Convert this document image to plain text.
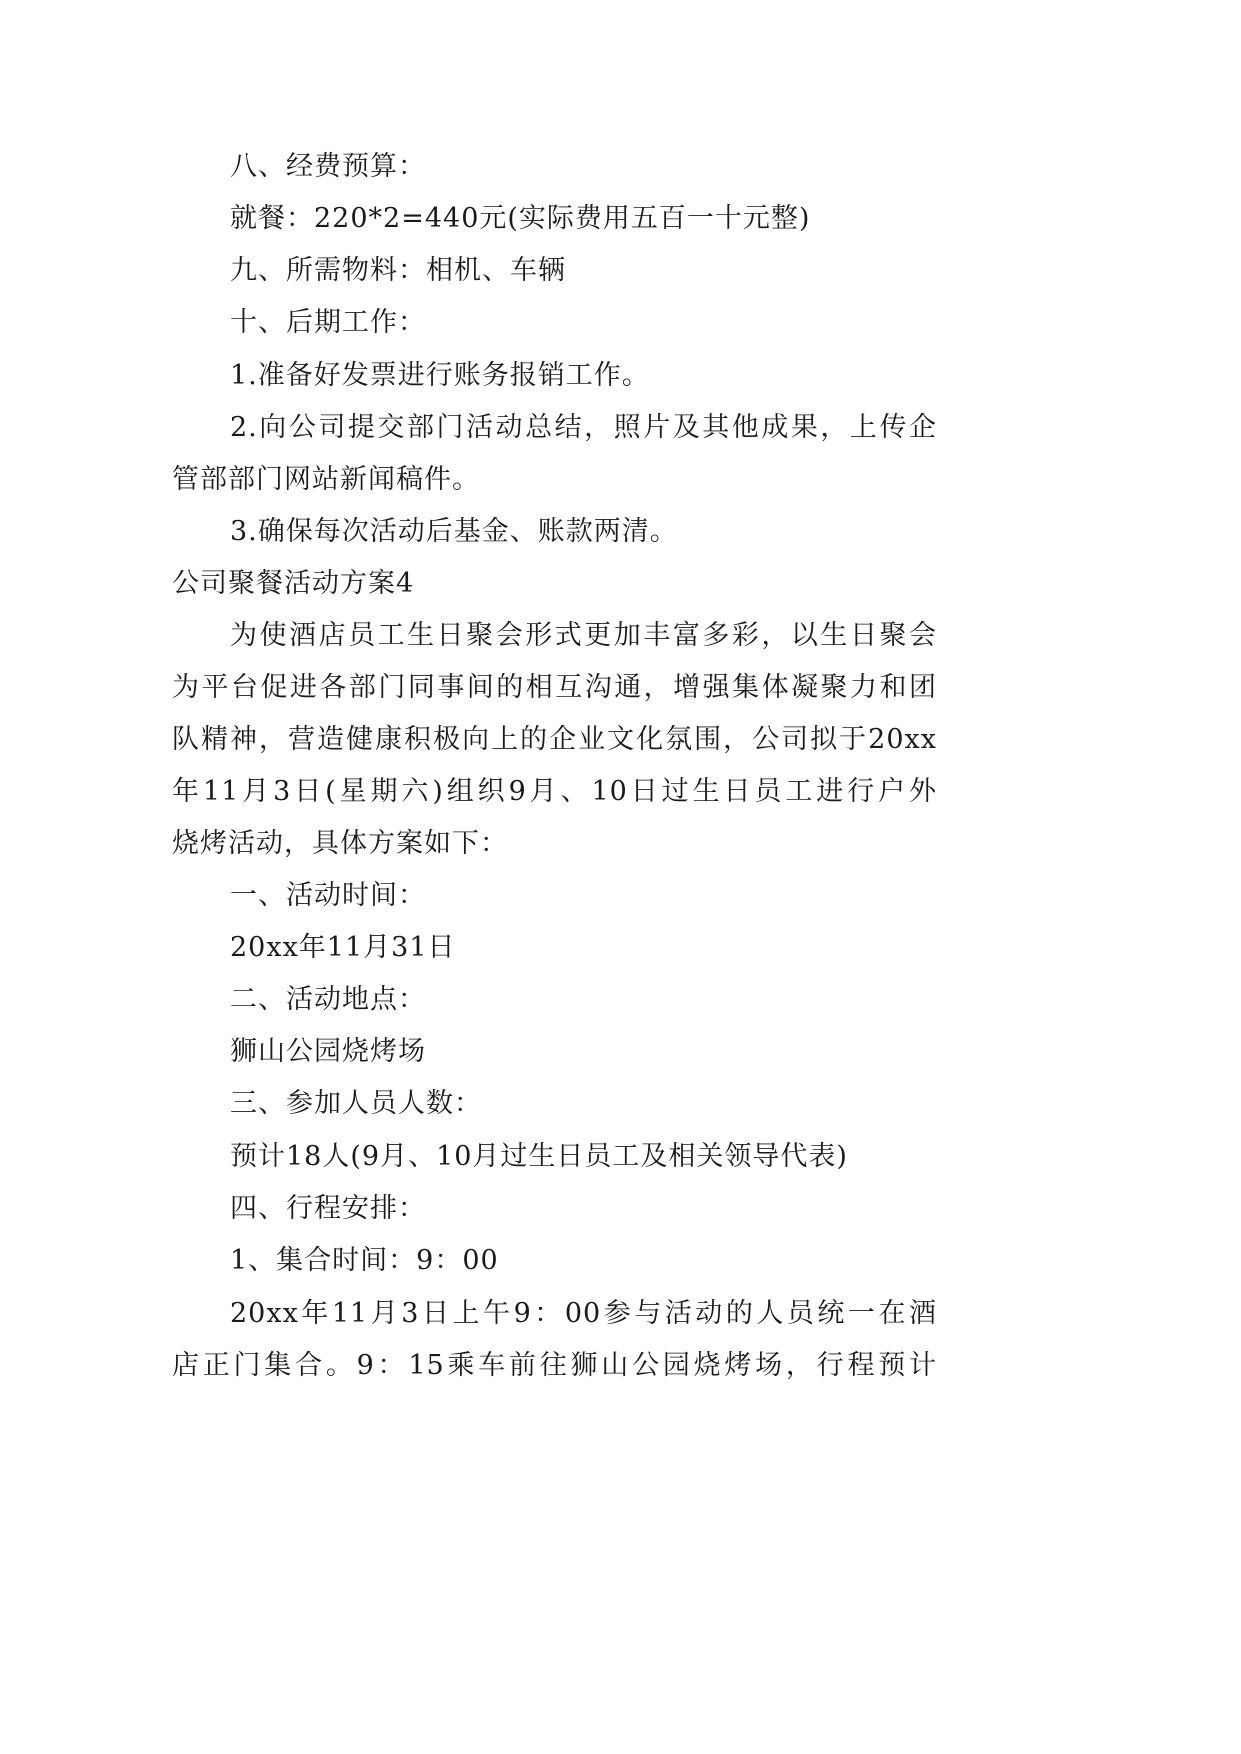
八、经费预算：
就餐：220*2=440元(实际费用五百一十元整)
九、所需物料：相机、车辆
十、后期工作：
1.准备好发票进行账务报销工作。
2.向公司提交部门活动总结，照片及其他成果，上传企
管部部门网站新闻稿件。
3.确保每次活动后基金、账款两清。
公司聚餐活动方案4
为使酒店员工生日聚会形式更加丰富多彩，以生日聚会
为平台促进各部门同事间的相互沟通，增强集体凝聚力和团
队精神，营造健康积极向上的企业文化氛围，公司拟于20xx
年11月3日(星期六)组织9月、10日过生日员工进行户外
烧烤活动，具体方案如下：
一、活动时间：
20xx年11月31日
二、活动地点：
狮山公园烧烤场
三、参加人员人数：
预计18人(9月、10月过生日员工及相关领导代表)
四、行程安排：
1、集合时间：9：00
20xx年11月3日上午9：00参与活动的人员统一在酒
店正门集合。9：15乘车前往狮山公园烧烤场，行程预计
